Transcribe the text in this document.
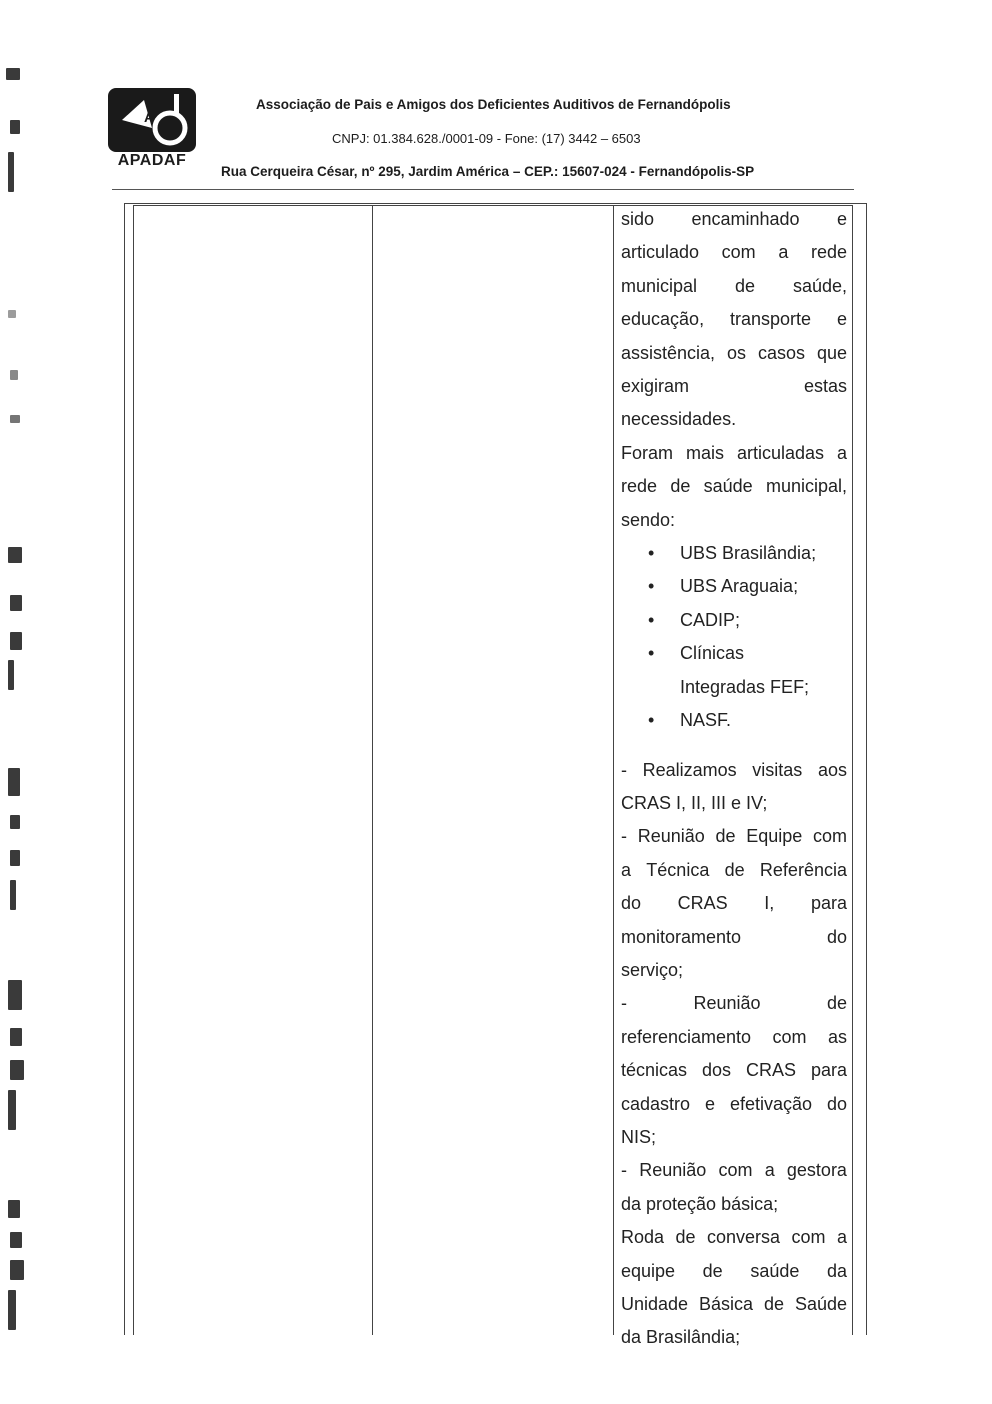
A
APADAF
Associação de Pais e Amigos dos Deficientes Auditivos de Fernandópolis
CNPJ: 01.384.628./0001-09 - Fone: (17) 3442 – 6503
Rua Cerqueira César, nº 295, Jardim América – CEP.: 15607-024 - Fernandópolis-SP
sido encaminhado e
articulado com a rede
municipal de saúde,
educação, transporte e
assistência, os casos que
exigiram	estas
necessidades.
Foram mais articuladas a
rede de saúde municipal,
sendo:
•	UBS Brasilândia;
•	UBS Araguaia;
•	CADIP;
•	Clínicas
Integradas FEF;
•	NASF.
- Realizamos visitas aos
CRAS I, II, III e IV;
- Reunião de Equipe com
a Técnica de Referência
do CRAS I, para
monitoramento	do
serviço;
-	Reunião	de
referenciamento com as
técnicas dos CRAS para
cadastro e efetivação do
NIS;
- Reunião com a gestora
da proteção básica;
Roda de conversa com a
equipe de saúde da
Unidade Básica de Saúde
da Brasilândia;
